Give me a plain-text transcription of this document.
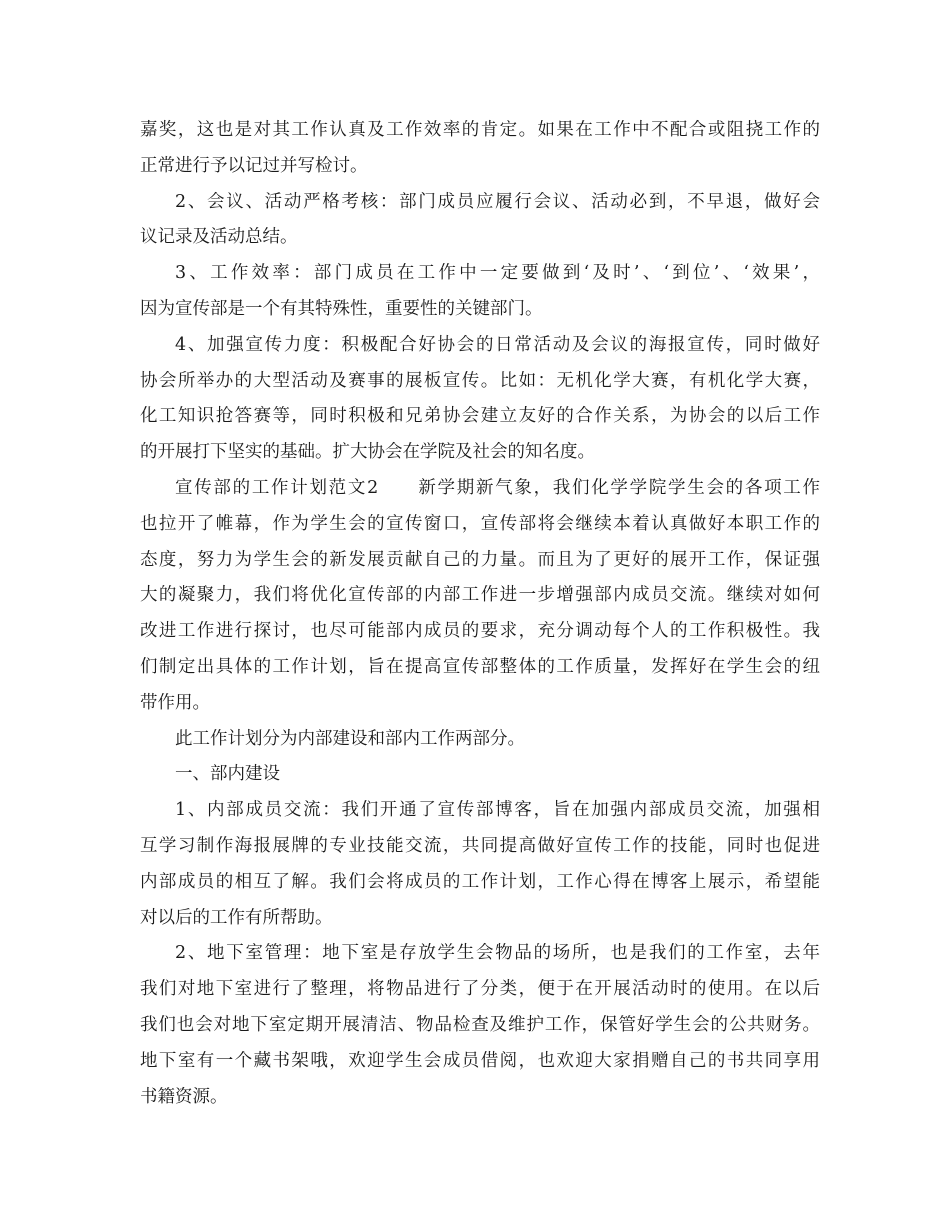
嘉奖，这也是对其工作认真及工作效率的肯定。如果在工作中不配合或阻挠工作的
正常进行予以记过并写检讨。
2、会议、活动严格考核：部门成员应履行会议、活动必到，不早退，做好会
议记录及活动总结。
3、工作效率：部门成员在工作中一定要做到‘及时’、‘到位’、‘效果’，
因为宣传部是一个有其特殊性，重要性的关键部门。
4、加强宣传力度：积极配合好协会的日常活动及会议的海报宣传，同时做好
协会所举办的大型活动及赛事的展板宣传。比如：无机化学大赛，有机化学大赛，
化工知识抢答赛等，同时积极和兄弟协会建立友好的合作关系，为协会的以后工作
的开展打下坚实的基础。扩大协会在学院及社会的知名度。
宣传部的工作计划范文2　　新学期新气象，我们化学学院学生会的各项工作
也拉开了帷幕，作为学生会的宣传窗口，宣传部将会继续本着认真做好本职工作的
态度，努力为学生会的新发展贡献自己的力量。而且为了更好的展开工作，保证强
大的凝聚力，我们将优化宣传部的内部工作进一步增强部内成员交流。继续对如何
改进工作进行探讨，也尽可能部内成员的要求，充分调动每个人的工作积极性。我
们制定出具体的工作计划，旨在提高宣传部整体的工作质量，发挥好在学生会的纽
带作用。
此工作计划分为内部建设和部内工作两部分。
一、部内建设
1、内部成员交流：我们开通了宣传部博客，旨在加强内部成员交流，加强相
互学习制作海报展牌的专业技能交流，共同提高做好宣传工作的技能，同时也促进
内部成员的相互了解。我们会将成员的工作计划，工作心得在博客上展示，希望能
对以后的工作有所帮助。
2、地下室管理：地下室是存放学生会物品的场所，也是我们的工作室，去年
我们对地下室进行了整理，将物品进行了分类，便于在开展活动时的使用。在以后
我们也会对地下室定期开展清洁、物品检查及维护工作，保管好学生会的公共财务。
地下室有一个藏书架哦，欢迎学生会成员借阅，也欢迎大家捐赠自己的书共同享用
书籍资源。
